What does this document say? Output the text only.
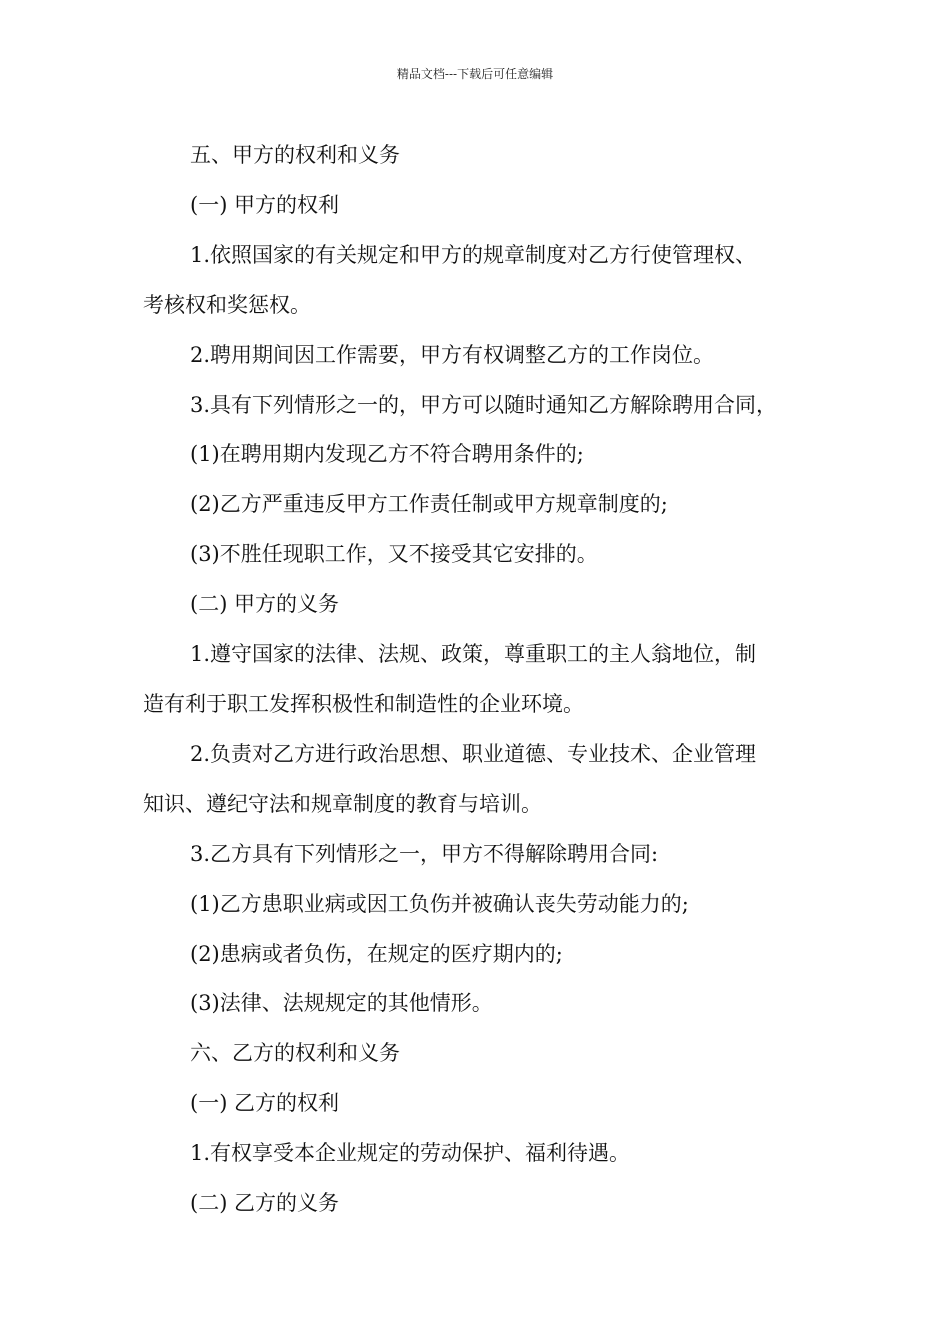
精品文档---下载后可任意编辑

五、甲方的权利和义务

(一) 甲方的权利

1.依照国家的有关规定和甲方的规章制度对乙方行使管理权、

考核权和奖惩权。

2.聘用期间因工作需要，甲方有权调整乙方的工作岗位。

3.具有下列情形之一的，甲方可以随时通知乙方解除聘用合同，

(1)在聘用期内发现乙方不符合聘用条件的;

(2)乙方严重违反甲方工作责任制或甲方规章制度的;

(3)不胜任现职工作，又不接受其它安排的。

(二) 甲方的义务

1.遵守国家的法律、法规、政策，尊重职工的主人翁地位，制

造有利于职工发挥积极性和制造性的企业环境。

2.负责对乙方进行政治思想、职业道德、专业技术、企业管理

知识、遵纪守法和规章制度的教育与培训。

3.乙方具有下列情形之一，甲方不得解除聘用合同:

(1)乙方患职业病或因工负伤并被确认丧失劳动能力的;

(2)患病或者负伤，在规定的医疗期内的;

(3)法律、法规规定的其他情形。

六、乙方的权利和义务

(一) 乙方的权利

1.有权享受本企业规定的劳动保护、福利待遇。

(二) 乙方的义务
